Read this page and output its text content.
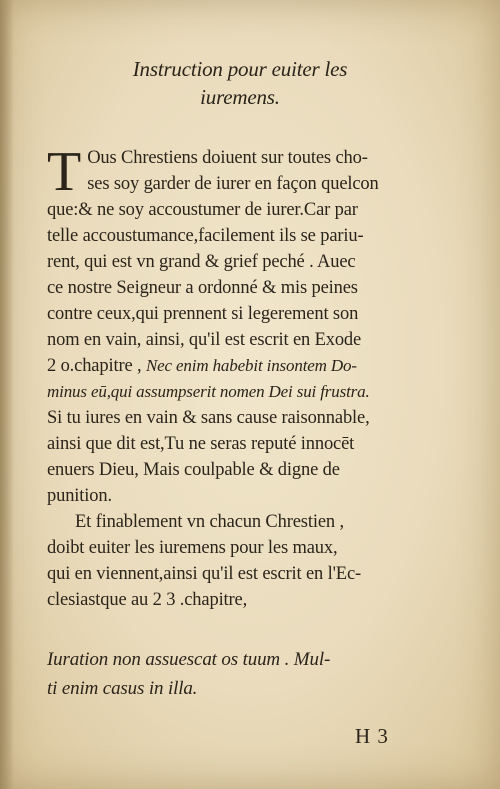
Instruction pour euiter les
iuremens.
T Ous Chrestiens doiuent sur toutes cho-
ses soy garder de iurer en façon quelcon
que:& ne soy accoustumer de iurer.Car par
telle accoustumance,facilement ils se pariu-
rent, qui est vn grand & grief peché . Auec
ce nostre Seigneur a ordonné & mis peines
contre ceux,qui prennent si legerement son
nom en vain, ainsi, qu'il est escrit en Exode
2 o.chapitre , Nec enim habebit insontem Do-
minus eū,qui assumpserit nomen Dei sui frustra.
Si tu iures en vain & sans cause raisonnable,
ainsi que dit est,Tu ne seras reputé innocēt
enuers Dieu, Mais coulpable & digne de
punition.
Et finablement vn chacun Chrestien ,
doibt euiter les iuremens pour les maux,
qui en viennent,ainsi qu'il est escrit en l'Ec-
clesiastque au 2 3 .chapitre,
Iuration non assuescat os tuum . Mul-
ti enim casus in illa.
H 3
